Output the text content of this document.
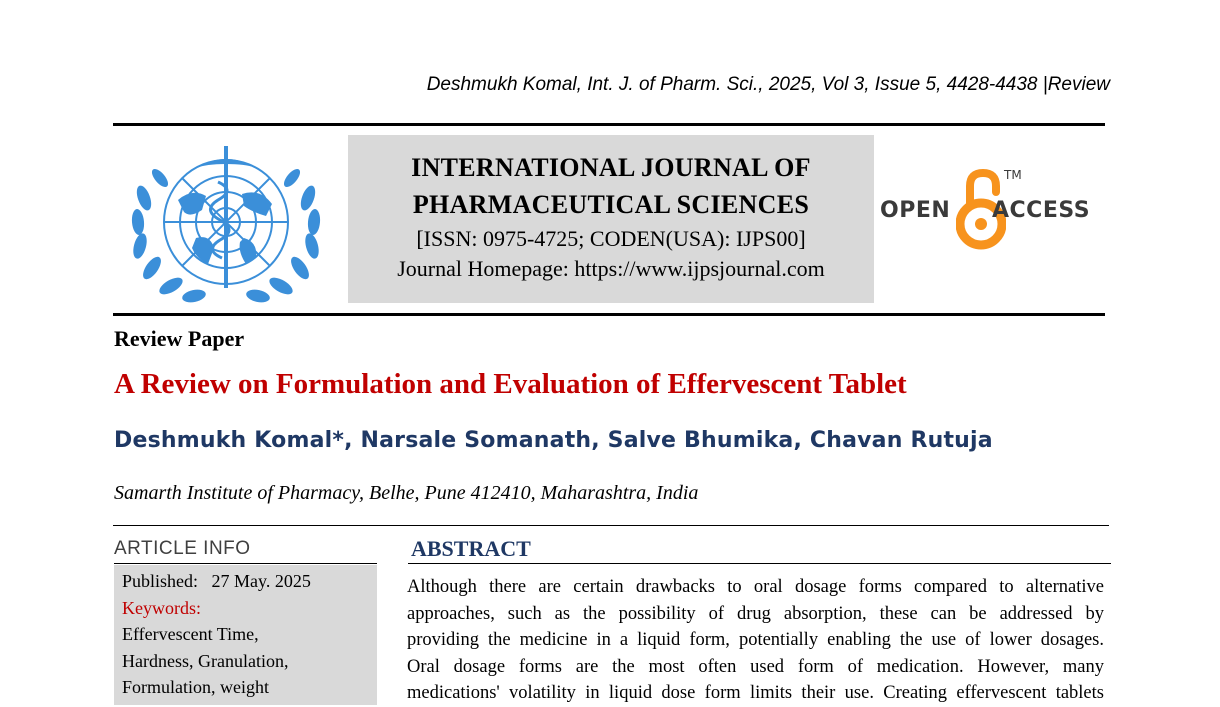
Deshmukh Komal, Int. J. of Pharm. Sci., 2025, Vol 3, Issue 5, 4428-4438 |Review
INTERNATIONAL JOURNAL OF
PHARMACEUTICAL SCIENCES
[ISSN: 0975-4725; CODEN(USA): IJPS00]
Journal Homepage: https://www.ijpsjournal.com
OPEN
TM
ACCESS
Review Paper
A Review on Formulation and Evaluation of Effervescent Tablet
Deshmukh Komal*, Narsale Somanath, Salve Bhumika, Chavan Rutuja
Samarth Institute of Pharmacy, Belhe, Pune 412410, Maharashtra, India
ARTICLE INFO
Published: 27 May. 2025
Keywords:
Effervescent Time,
Hardness, Granulation,
Formulation, weight
ABSTRACT

Although there are certain drawbacks to oral dosage forms compared to alternative

approaches, such as the possibility of drug absorption, these can be addressed by

providing the medicine in a liquid form, potentially enabling the use of lower dosages.

Oral dosage forms are the most often used form of medication. However, many

medications' volatility in liquid dose form limits their use. Creating effervescent tablets
